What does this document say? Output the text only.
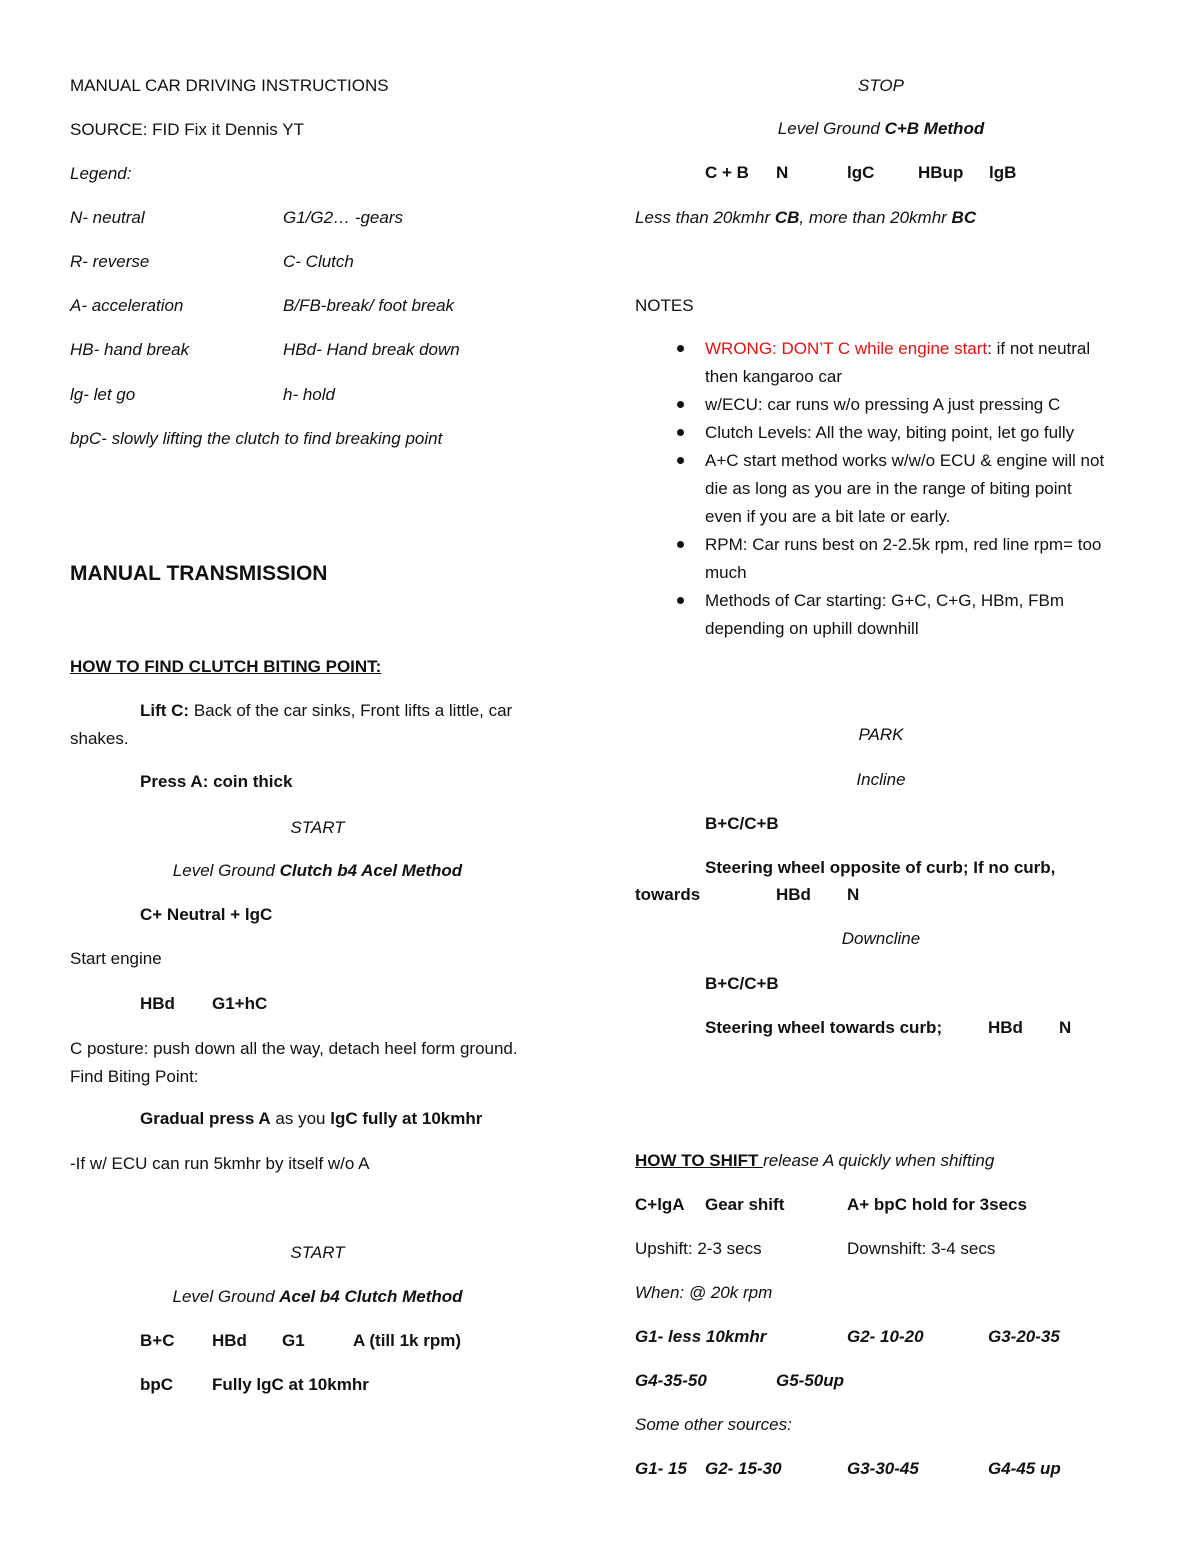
MANUAL CAR DRIVING INSTRUCTIONS
SOURCE: FID Fix it Dennis YT
Legend:
N- neutral	G1/G2… -gears
R- reverse	C- Clutch
A- acceleration	B/FB-break/ foot break
HB- hand break	HBd- Hand break down
lg- let go	h- hold
bpC- slowly lifting the clutch to find breaking point
MANUAL TRANSMISSION
HOW TO FIND CLUTCH BITING POINT:
Lift C: Back of the car sinks, Front lifts a little, car shakes.
Press A: coin thick
START
Level Ground Clutch b4 Acel Method
C+ Neutral + lgC
Start engine
HBd G1+hC
C posture: push down all the way, detach heel form ground. Find Biting Point:
Gradual press A as you lgC fully at 10kmhr
-If w/ ECU can run 5kmhr by itself w/o A
START
Level Ground Acel b4 Clutch Method
B+C HBd G1	A (till 1k rpm)
bpC Fully lgC at 10kmhr
STOP
Level Ground C+B Method
C + B N	lgC	HBup lgB
Less than 20kmhr CB, more than 20kmhr BC
NOTES
WRONG: DON’T C while engine start: if not neutral then kangaroo car
w/ECU: car runs w/o pressing A just pressing C
Clutch Levels: All the way, biting point, let go fully
A+C start method works w/w/o ECU & engine will not die as long as you are in the range of biting point even if you are a bit late or early.
RPM: Car runs best on 2-2.5k rpm, red line rpm= too much
Methods of Car starting: G+C, C+G, HBm, FBm depending on uphill downhill
PARK
Incline
B+C/C+B
Steering wheel opposite of curb; If no curb,
towards	HBd N
Downcline
B+C/C+B
Steering wheel towards curb;	HBd N
HOW TO SHIFT release A quickly when shifting
C+lgA Gear shift	A+ bpC hold for 3secs
Upshift: 2-3 secs	Downshift: 3-4 secs
When: @ 20k rpm
G1- less 10kmhr	G2- 10-20	G3-20-35
G4-35-50	G5-50up
Some other sources:
G1- 15 G2- 15-30	G3-30-45	G4-45 up
